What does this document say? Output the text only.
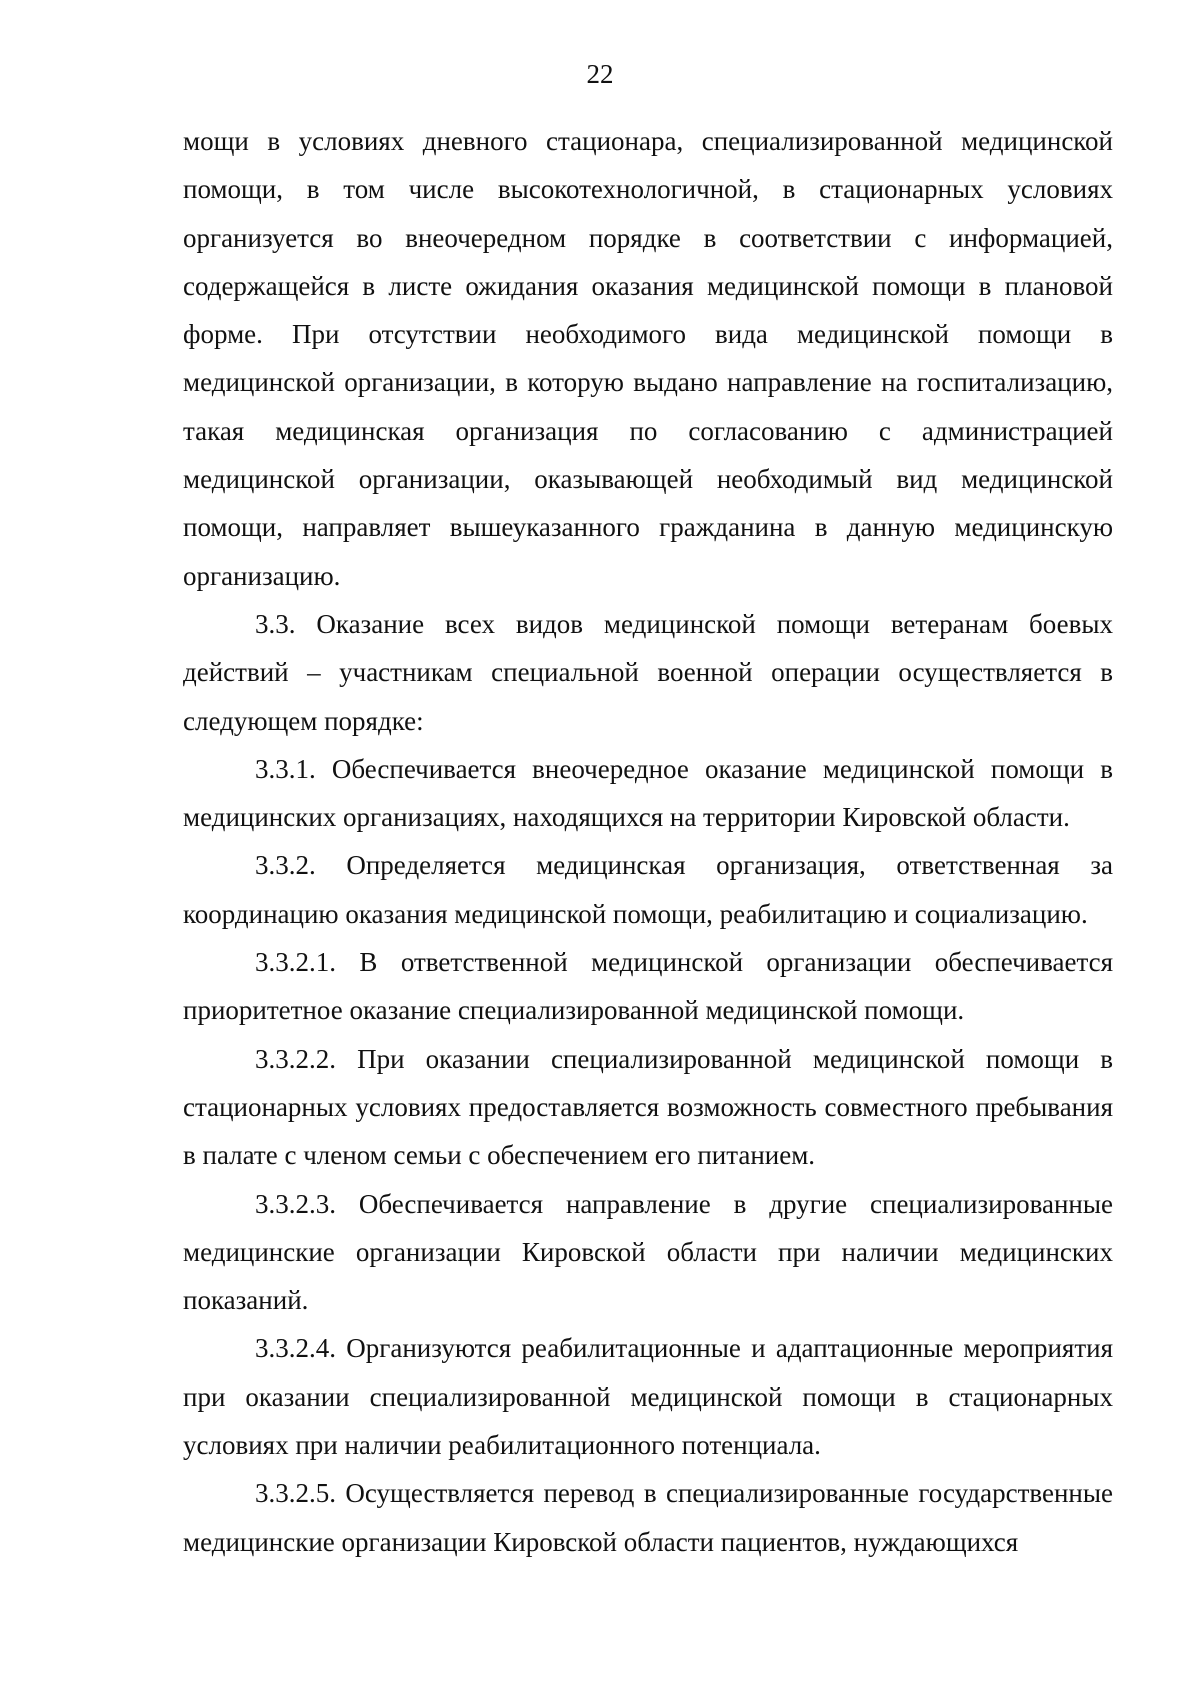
22

мощи в условиях дневного стационара, специализированной медицинской помощи, в том числе высокотехнологичной, в стационарных условиях организуется во внеочередном порядке в соответствии с информацией, содержащейся в листе ожидания оказания медицинской помощи в плановой форме. При отсутствии необходимого вида медицинской помощи в медицинской организации, в которую выдано направление на госпитализацию, такая медицинская организация по согласованию с администрацией медицинской организации, оказывающей необходимый вид медицинской помощи, направляет вышеуказанного гражданина в данную медицинскую организацию.

3.3. Оказание всех видов медицинской помощи ветеранам боевых действий – участникам специальной военной операции осуществляется в следующем порядке:

3.3.1. Обеспечивается внеочередное оказание медицинской помощи в медицинских организациях, находящихся на территории Кировской области.

3.3.2. Определяется медицинская организация, ответственная за координацию оказания медицинской помощи, реабилитацию и социализацию.

3.3.2.1. В ответственной медицинской организации обеспечивается приоритетное оказание специализированной медицинской помощи.

3.3.2.2. При оказании специализированной медицинской помощи в стационарных условиях предоставляется возможность совместного пребывания в палате с членом семьи с обеспечением его питанием.

3.3.2.3. Обеспечивается направление в другие специализированные медицинские организации Кировской области при наличии медицинских показаний.

3.3.2.4. Организуются реабилитационные и адаптационные мероприятия при оказании специализированной медицинской помощи в стационарных условиях при наличии реабилитационного потенциала.

3.3.2.5. Осуществляется перевод в специализированные государственные медицинские организации Кировской области пациентов, нуждающихся
